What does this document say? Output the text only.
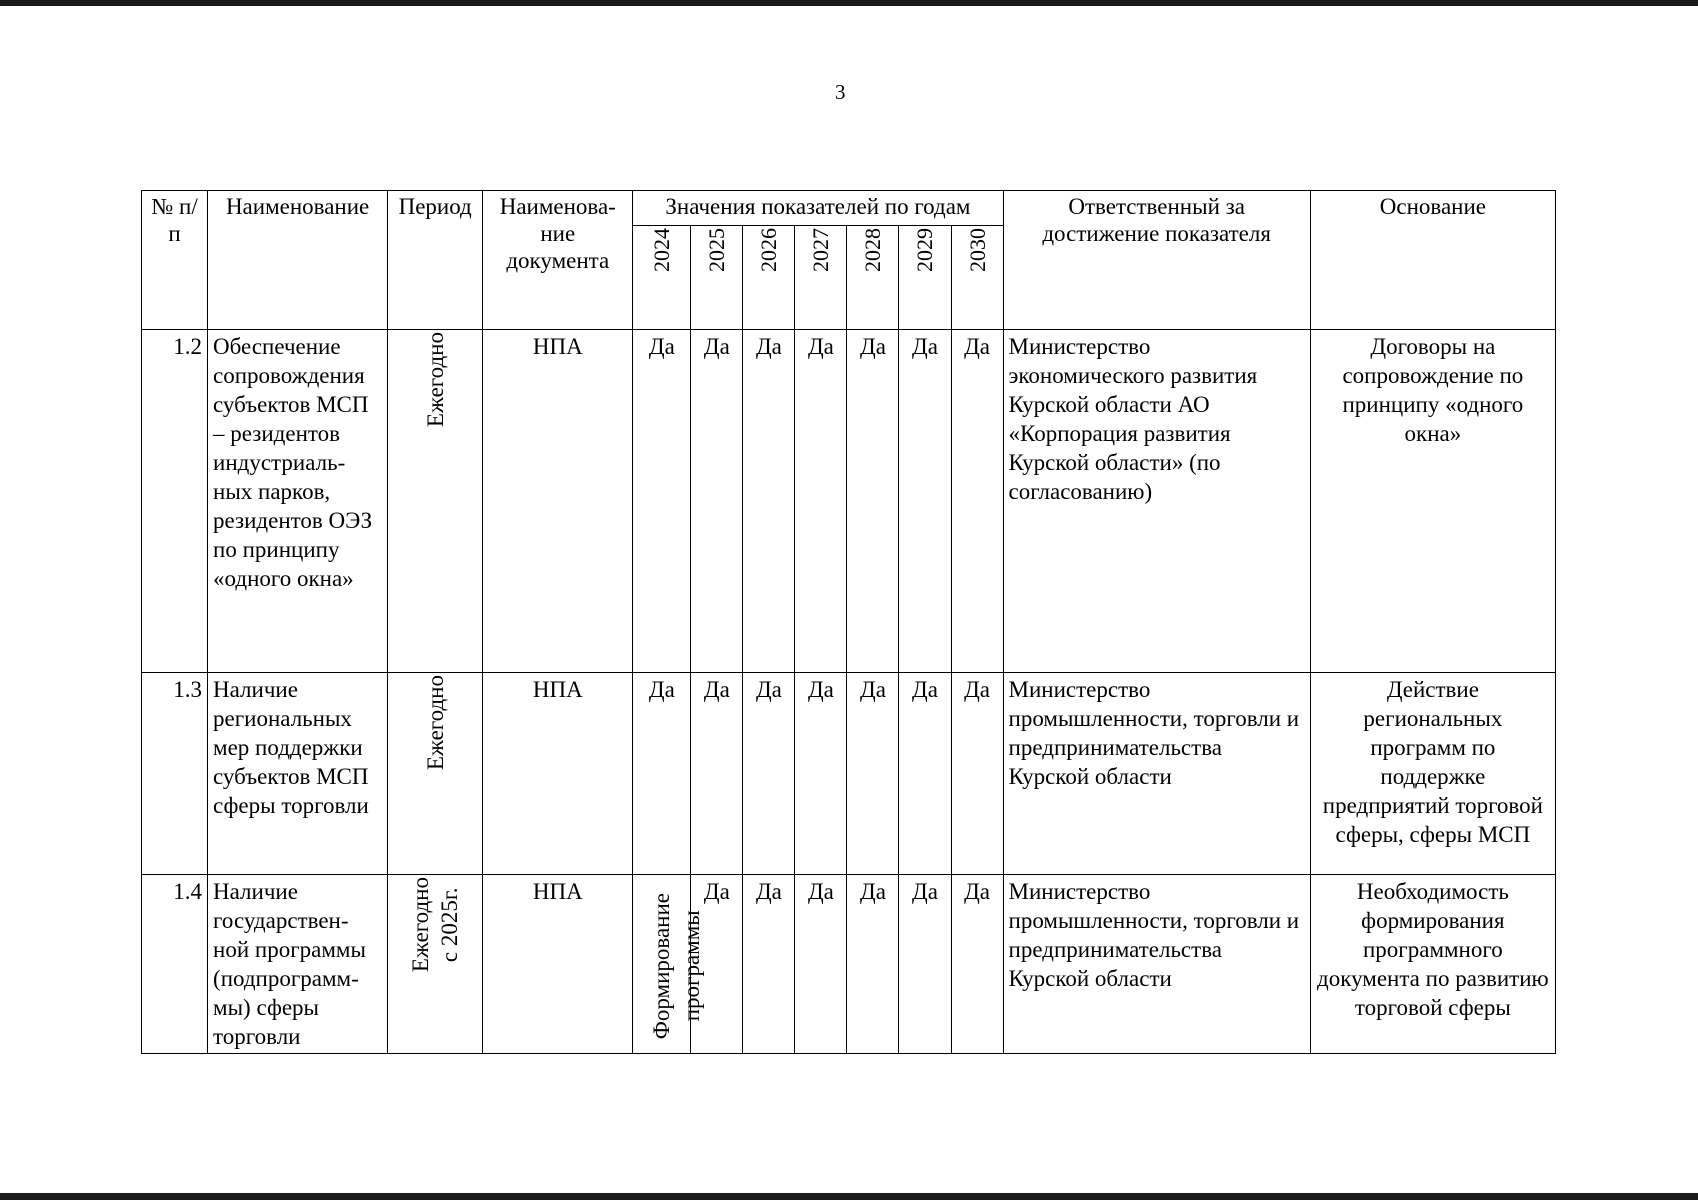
3
№ п/п	Наименование	Период	Наименова-ние документа	Значения показателей по годам							Ответственный за достижение показателя	Основание
				2024	2025	2026	2027	2028	2029	2030		
1.2	Обеспечение сопровождения субъектов МСП – резидентов индустриаль-ных парков, резидентов ОЭЗ по принципу «одного окна»	Ежегодно	НПА	Да	Да	Да	Да	Да	Да	Да	Министерство экономического развития Курской области АО «Корпорация развития Курской области» (по согласованию)	Договоры на сопровождение по принципу «одного окна»
1.3	Наличие региональных мер поддержки субъектов МСП сферы торговли	Ежегодно	НПА	Да	Да	Да	Да	Да	Да	Да	Министерство промышленности, торговли и предпринимательства Курской области	Действие региональных программ по поддержке предприятий торговой сферы, сферы МСП
1.4	Наличие государствен-ной программы (подпрограмм-мы) сферы торговли	Ежегодно с 2025г.	НПА	Формирование программы	Да	Да	Да	Да	Да	Да	Министерство промышленности, торговли и предпринимательства Курской области	Необходимость формирования программного документа по развитию торговой сферы
